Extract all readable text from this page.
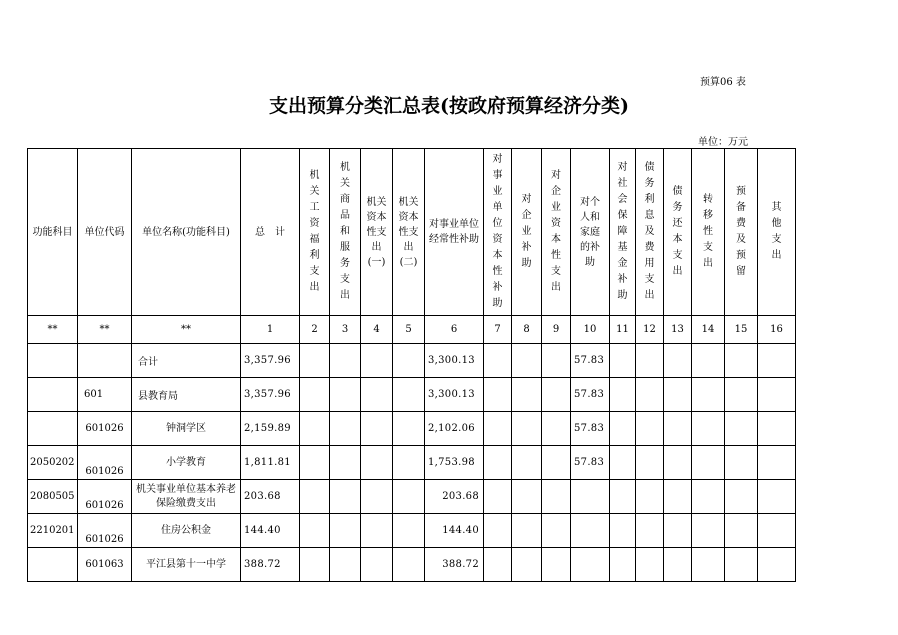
预算06 表
支出预算分类汇总表(按政府预算经济分类)
单位：万元
功能科目	单位代码	单位名称(功能科目)	总　计	机关工资福利支出	机关商品和服务支出	机关资本性支出(一)	机关资本性支出(二)	对事业单位经常性补助	对事业单位资本性补助	对企业补助	对企业资本性支出	对个人和家庭的补助	对社会保障基金补助	债务利息及费用支出	债务还本支出	转移性支出	预备费及预留	其他支出
**	**	**	1	2	3	4	5	6	7	8	9	10	11	12	13	14	15	16
		合计	3,357.96					3,300.13				57.83						
	601	县教育局	3,357.96					3,300.13				57.83						
	601026	钟洞学区	2,159.89					2,102.06				57.83						
2050202	601026	小学教育	1,811.81					1,753.98				57.83						
2080505	601026	机关事业单位基本养老保险缴费支出	203.68					203.68										
2210201	601026	住房公积金	144.40					144.40										
	601063	平江县第十一中学	388.72					388.72										
